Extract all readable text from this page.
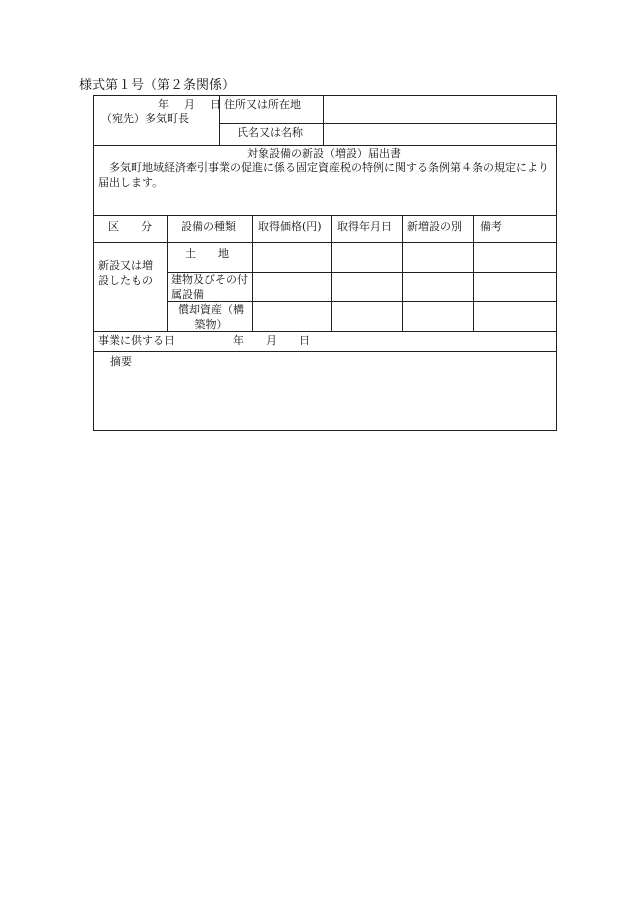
様式第１号（第２条関係）
年　月　日
（宛先）多気町長
住所又は所在地
氏名又は名称
対象設備の新設（増設）届出書
多気町地域経済牽引事業の促進に係る固定資産税の特例に関する条例第４条の規定により届出します。
区　　分	設備の種類 取得価格(円) 取得年月日 新増設の別 備考
新設又は増設したもの
土　　地
建物及びその付属設備
償却資産（構築物）
事業に供する日	年　　月　　日
摘要
